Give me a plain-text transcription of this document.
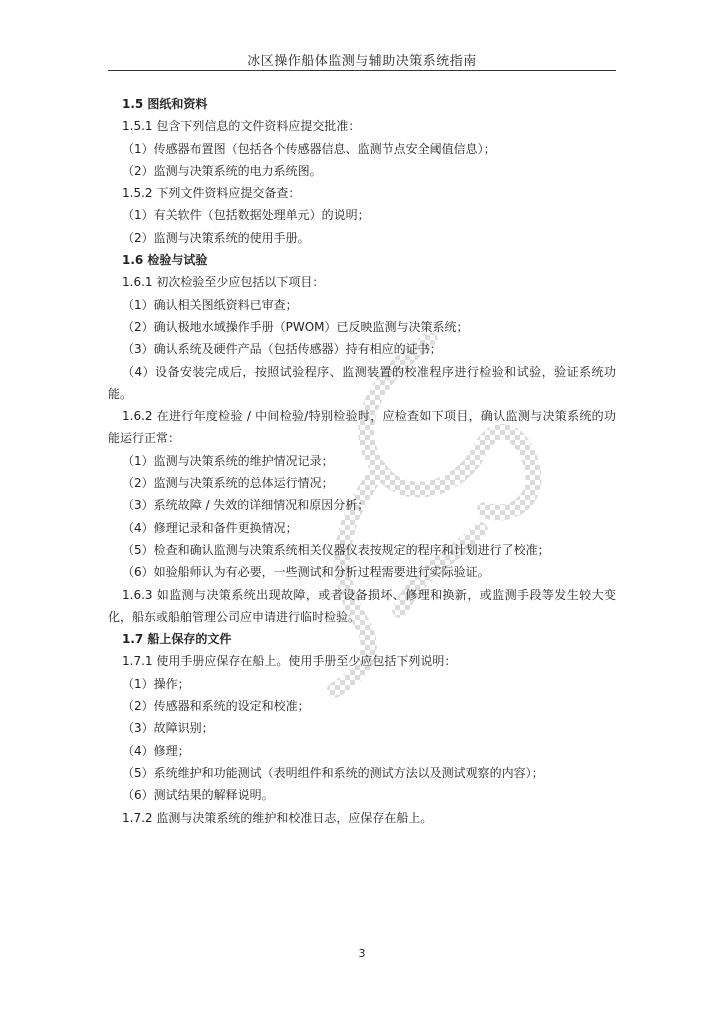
冰区操作船体监测与辅助决策系统指南
1.5 图纸和资料
1.5.1 包含下列信息的文件资料应提交批准：
（1）传感器布置图（包括各个传感器信息、监测节点安全阈值信息）；
（2）监测与决策系统的电力系统图。
1.5.2 下列文件资料应提交备查：
（1）有关软件（包括数据处理单元）的说明；
（2）监测与决策系统的使用手册。
1.6 检验与试验
1.6.1 初次检验至少应包括以下项目：
（1）确认相关图纸资料已审查；
（2）确认极地水域操作手册（PWOM）已反映监测与决策系统；
（3）确认系统及硬件产品（包括传感器）持有相应的证书；
（4）设备安装完成后，按照试验程序、监测装置的校准程序进行检验和试验，验证系统功能。
1.6.2 在进行年度检验 / 中间检验/特别检验时，应检查如下项目，确认监测与决策系统的功能运行正常：
（1）监测与决策系统的维护情况记录；
（2）监测与决策系统的总体运行情况；
（3）系统故障 / 失效的详细情况和原因分析；
（4）修理记录和备件更换情况；
（5）检查和确认监测与决策系统相关仪器仪表按规定的程序和计划进行了校准；
（6）如验船师认为有必要，一些测试和分析过程需要进行实际验证。
1.6.3 如监测与决策系统出现故障，或者设备损坏、修理和换新，或监测手段等发生较大变化，船东或船舶管理公司应申请进行临时检验。
1.7 船上保存的文件
1.7.1 使用手册应保存在船上。使用手册至少应包括下列说明：
（1）操作；
（2）传感器和系统的设定和校准；
（3）故障识别；
（4）修理；
（5）系统维护和功能测试（表明组件和系统的测试方法以及测试观察的内容）；
（6）测试结果的解释说明。
1.7.2 监测与决策系统的维护和校准日志，应保存在船上。
3
